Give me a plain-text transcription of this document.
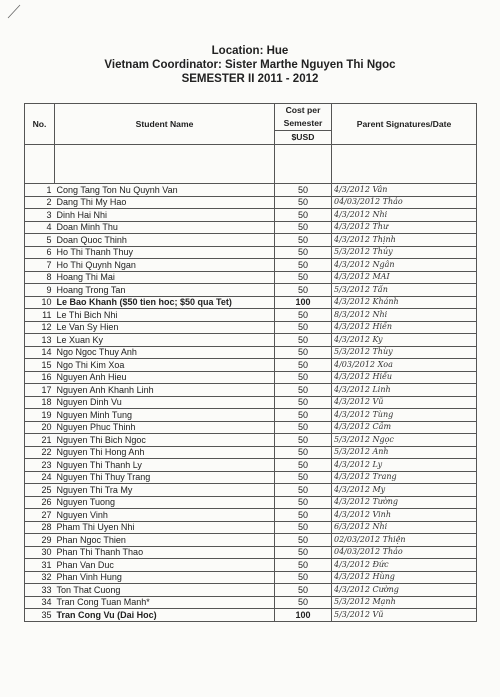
Location: Hue
Vietnam Coordinator: Sister Marthe Nguyen Thi Ngoc
SEMESTER II 2011 - 2012
No.	Student Name	Cost per	Parent Signatures/Date
		Semester	
		$USD	

1	Cong Tang Ton Nu Quynh Van	50	4/3/2012 Vân
2	Dang Thi My Hao	50	04/03/2012 Thảo
3	Dinh Hai Nhi	50	4/3/2012 Nhi
4	Doan Minh Thu	50	4/3/2012 Thư
5	Doan Quoc Thinh	50	4/3/2012 Thịnh
6	Ho Thi Thanh Thuy	50	5/3/2012 Thủy
7	Ho Thi Quynh Ngan	50	4/3/2012 Ngân
8	Hoang Thi Mai	50	4/3/2012 MAI
9	Hoang Trong Tan	50	5/3/2012 Tấn
10	Le Bao Khanh ($50 tien hoc; $50 qua Tet)	100	4/3/2012 Khánh
11	Le Thi Bich Nhi	50	8/3/2012 Nhi
12	Le Van Sy Hien	50	4/3/2012 Hiền
13	Le Xuan Ky	50	4/3/2012 Ky
14	Ngo Ngoc Thuy Anh	50	5/3/2012 Thùy
15	Ngo Thi Kim Xoa	50	4/03/2012 Xoa
16	Nguyen Anh Hieu	50	4/3/2012 Hiếu
17	Nguyen Anh Khanh Linh	50	4/3/2012 Linh
18	Nguyen Dinh Vu	50	4/3/2012 Vũ
19	Nguyen Minh Tung	50	4/3/2012 Tùng
20	Nguyen Phuc Thinh	50	4/3/2012 Cầm
21	Nguyen Thi Bich Ngoc	50	5/3/2012 Ngọc
22	Nguyen Thi Hong Anh	50	5/3/2012 Ánh
23	Nguyen Thi Thanh Ly	50	4/3/2012 Ly
24	Nguyen Thi Thuy Trang	50	4/3/2012 Trang
25	Nguyen Thi Tra My	50	4/3/2012 My
26	Nguyen Tuong	50	4/3/2012 Tường
27	Nguyen Vinh	50	4/3/2012 Vinh
28	Pham Thi Uyen Nhi	50	6/3/2012 Nhi
29	Phan Ngoc Thien	50	02/03/2012 Thiện
30	Phan Thi Thanh Thao	50	04/03/2012 Thảo
31	Phan Van Duc	50	4/3/2012 Đức
32	Phan Vinh Hung	50	4/3/2012 Hùng
33	Ton That Cuong	50	4/3/2012 Cường
34	Tran Cong Tuan Manh*	50	5/3/2012 Mạnh
35	Tran Cong Vu (Dai Hoc)	100	5/3/2012 Vũ
